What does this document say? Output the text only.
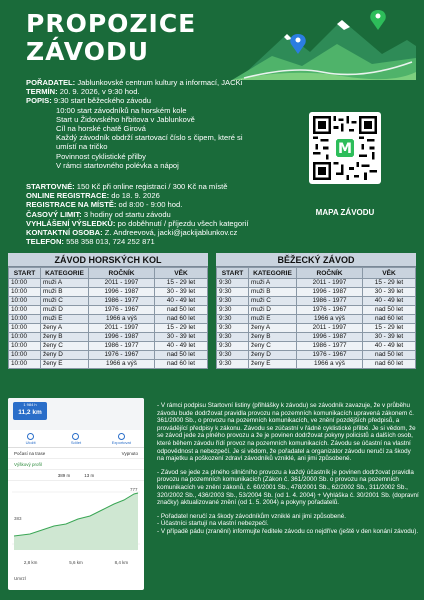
PROPOZICE
ZÁVODU
POŘADATEL: Jablunkovské centrum kultury a informací, JACKi
TERMÍN: 20. 9. 2026, v 9:30 hod.
POPIS: 9:30 start běžeckého závodu
10:00 start závodníků na horském kole
Start u Židovského hřbitova v Jablunkově
Cíl na horské chatě Girová
Každý závodník obdrží startovací číslo s čipem, které si
umístí na tričko
Povinnost cyklistické přilby
V rámci startovného polévka a nápoj
STARTOVNÉ: 150 Kč při online registraci / 300 Kč na místě
ONLINE REGISTRACE: do 18. 9. 2026
REGISTRACE NA MÍSTĚ: od 8:00 - 9:00 hod.
ČASOVÝ LIMIT: 3 hodiny od startu závodu
VYHLÁŠENÍ VÝSLEDKŮ: po doběhnutí / příjezdu všech kategorií
KONTAKTNÍ OSOBA: Z. Andreevová, jacki@jackijablunkov.cz
TELEFON: 558 358 013, 724 252 871
M
MAPA ZÁVODU
ZÁVOD HORSKÝCH KOL
START	KATEGORIE	ROČNÍK	VĚK
10:00	muži A	2011 - 1997	15 - 29 let
10:00	muži B	1996 - 1987	30 - 39 let
10:00	muži C	1986 - 1977	40 - 49 let
10:00	muži D	1976 - 1967	nad 50 let
10:00	muži E	1966 a výš	nad 60 let
10:00	ženy A	2011 - 1997	15 - 29 let
10:00	ženy B	1996 - 1987	30 - 39 let
10:00	ženy C	1986 - 1977	40 - 49 let
10:00	ženy D	1976 - 1967	nad 50 let
10:00	ženy E	1966 a výš	nad 60 let
BĚŽECKÝ ZÁVOD
START	KATEGORIE	ROČNÍK	VĚK
9:30	muži A	2011 - 1997	15 - 29 let
9:30	muži B	1996 - 1987	30 - 39 let
9:30	muži C	1986 - 1977	40 - 49 let
9:30	muži D	1976 - 1967	nad 50 let
9:30	muži E	1966 a výš	nad 60 let
9:30	ženy A	2011 - 1997	15 - 29 let
9:30	ženy B	1996 - 1987	30 - 39 let
9:30	ženy C	1986 - 1977	40 - 49 let
9:30	ženy D	1976 - 1967	nad 50 let
9:30	ženy E	1966 a výš	nad 60 let
1 984 h
11,2 km
Uložit	Sdílet	Exportovat
Počasí na trase	Vypnuto
Výškový profil
389 m	13 m
777
383
2,8 km	5,6 km	8,4 km
Umrzl

- V rámci podpisu Startovní listiny (přihlášky k závodu) se závodník zavazuje, že v průběhu závodu bude dodržovat pravidla provozu na pozemních komunikacích upravená zákonem č. 361/2000 Sb., o provozu na pozemních komunikacích, ve znění pozdějších předpisů, a provádějící předpisy k zákonu. Závodu se zúčastní v řádně cyklistické přilbě. Je si vědom, že se závod jede za plného provozu a že je povinen dodržovat pokyny policistů a dalších osob, které během závodu řídí provoz na pozemních komunikacích. Závodu se účastní na vlastní odpovědnost a nebezpečí. Je si vědom, že pořadatel a organizátor závodu neručí za škody na majetku a poškození zdraví závodníků vzniklé, ani jimi způsobené.

- Závod se jede za plného silničního provozu a každý účastník je povinen dodržovat pravidla provozu na pozemních komunikacích (Zákon č. 361/2000 Sb. o provozu na pozemních komunikacích ve znění zákonů, č. 60/2001 Sb., 478/2001 Sb., 62/2002 Sb., 311/2002 Sb., 320/2002 Sb., 436/2003 Sb., 53/2004 Sb. (od 1. 4. 2004) + Vyhláška č. 30/2001 Sb. (dopravní značky) aktualizované znění (od 1. 5. 2004) a pokyny pořadatelů.

- Pořadatel neručí za škody závodníkům vzniklé ani jimi způsobené.

- Účastníci startují na vlastní nebezpečí.

- V případě pádu (zranění) informujte ředitele závodu co nejdříve (ještě v den konání závodu).
